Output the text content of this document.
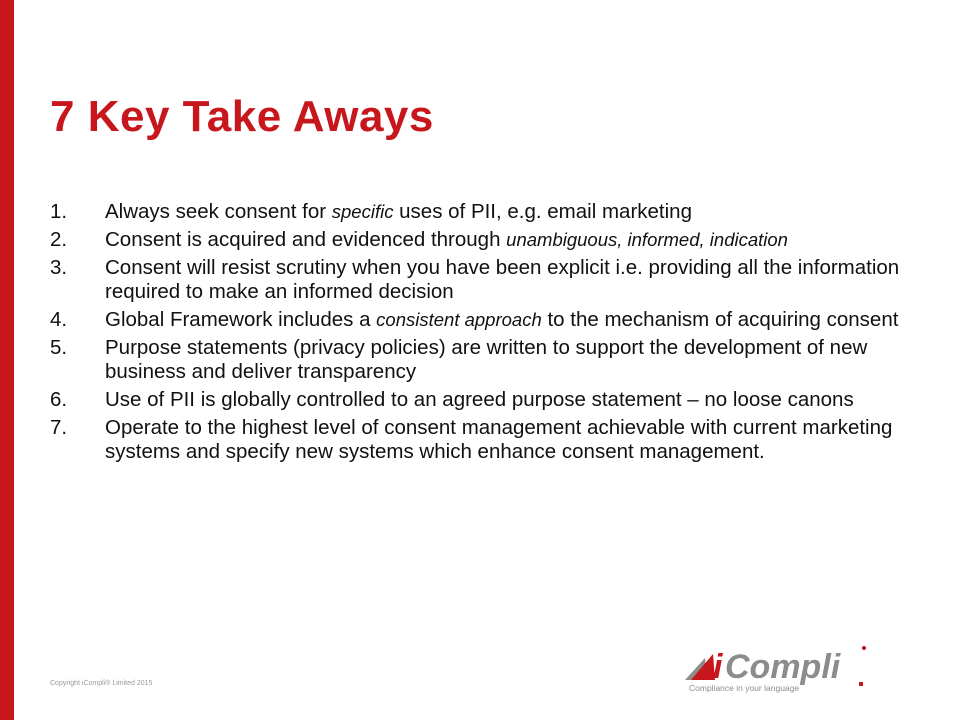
7 Key Take Aways
1. Always seek consent for specific uses of PII, e.g. email marketing
2. Consent is acquired and evidenced through unambiguous, informed, indication
3. Consent will resist scrutiny when you have been explicit i.e. providing all the information required to make an informed decision
4. Global Framework includes a consistent approach to the mechanism of acquiring consent
5. Purpose statements (privacy policies) are written to support the development of new business and deliver transparency
6. Use of PII is globally controlled to an agreed purpose statement – no loose canons
7. Operate to the highest level of consent management achievable with current marketing systems and specify new systems which enhance consent management.
Copyright iCompli® Limited 2015	i Compli
Compliance in your language
